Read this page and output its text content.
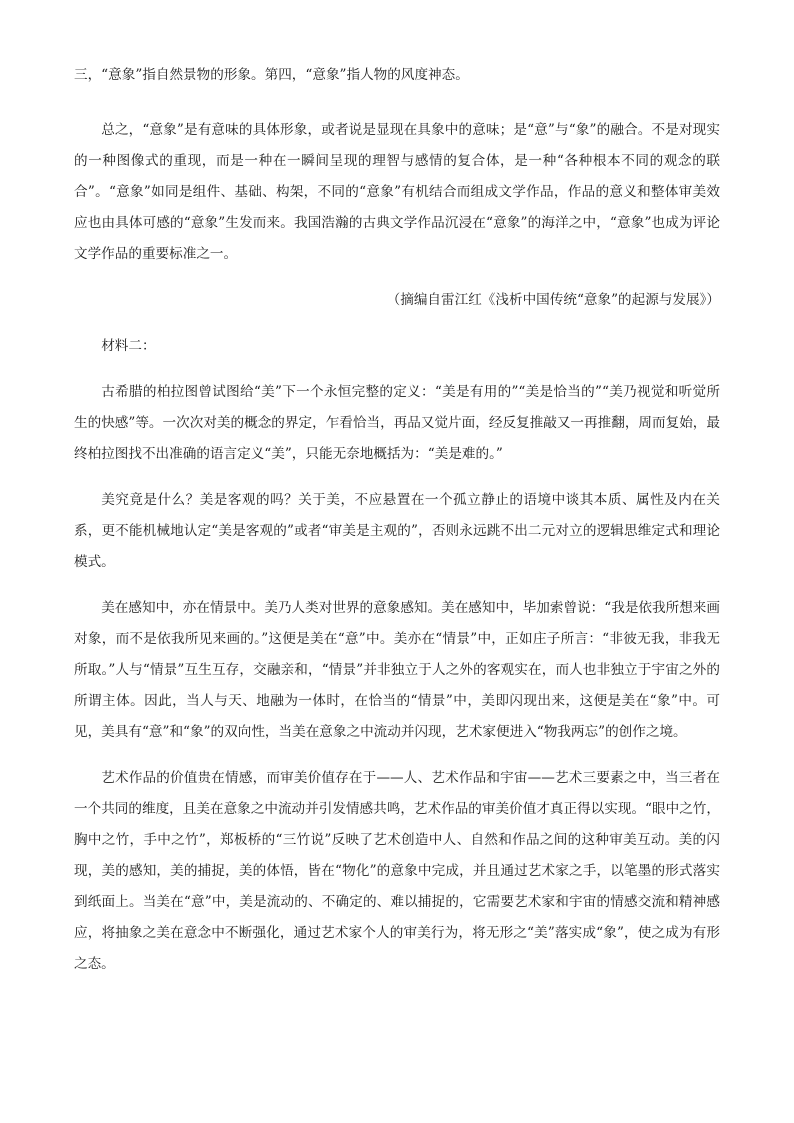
三，“意象”指自然景物的形象。第四，“意象”指人物的风度神态。

总之，“意象”是有意味的具体形象，或者说是显现在具象中的意味；是“意”与“象”的融合。不是对现实的一种图像式的重现，而是一种在一瞬间呈现的理智与感情的复合体，是一种“各种根本不同的观念的联合”。“意象”如同是组件、基础、构架，不同的“意象”有机结合而组成文学作品，作品的意义和整体审美效应也由具体可感的“意象”生发而来。我国浩瀚的古典文学作品沉浸在“意象”的海洋之中，“意象”也成为评论文学作品的重要标准之一。

（摘编自雷江红《浅析中国传统“意象”的起源与发展》）

材料二：

古希腊的柏拉图曾试图给“美”下一个永恒完整的定义：“美是有用的”“美是恰当的”“美乃视觉和听觉所生的快感”等。一次次对美的概念的界定，乍看恰当，再品又觉片面，经反复推敲又一再推翻，周而复始，最终柏拉图找不出准确的语言定义“美”，只能无奈地概括为：“美是难的。”

美究竟是什么？美是客观的吗？关于美，不应悬置在一个孤立静止的语境中谈其本质、属性及内在关系，更不能机械地认定“美是客观的”或者“审美是主观的”，否则永远跳不出二元对立的逻辑思维定式和理论模式。

美在感知中，亦在情景中。美乃人类对世界的意象感知。美在感知中，毕加索曾说：“我是依我所想来画对象，而不是依我所见来画的。”这便是美在“意”中。美亦在“情景”中，正如庄子所言：“非彼无我，非我无所取。”人与“情景”互生互存，交融亲和，“情景”并非独立于人之外的客观实在，而人也非独立于宇宙之外的所谓主体。因此，当人与天、地融为一体时，在恰当的“情景”中，美即闪现出来，这便是美在“象”中。可见，美具有“意”和“象”的双向性，当美在意象之中流动并闪现，艺术家便进入“物我两忘”的创作之境。

艺术作品的价值贵在情感，而审美价值存在于——人、艺术作品和宇宙——艺术三要素之中，当三者在一个共同的维度，且美在意象之中流动并引发情感共鸣，艺术作品的审美价值才真正得以实现。“眼中之竹，胸中之竹，手中之竹”，郑板桥的“三竹说”反映了艺术创造中人、自然和作品之间的这种审美互动。美的闪现，美的感知，美的捕捉，美的体悟，皆在“物化”的意象中完成，并且通过艺术家之手，以笔墨的形式落实到纸面上。当美在“意”中，美是流动的、不确定的、难以捕捉的，它需要艺术家和宇宙的情感交流和精神感应，将抽象之美在意念中不断强化，通过艺术家个人的审美行为，将无形之“美”落实成“象”，使之成为有形之态。
